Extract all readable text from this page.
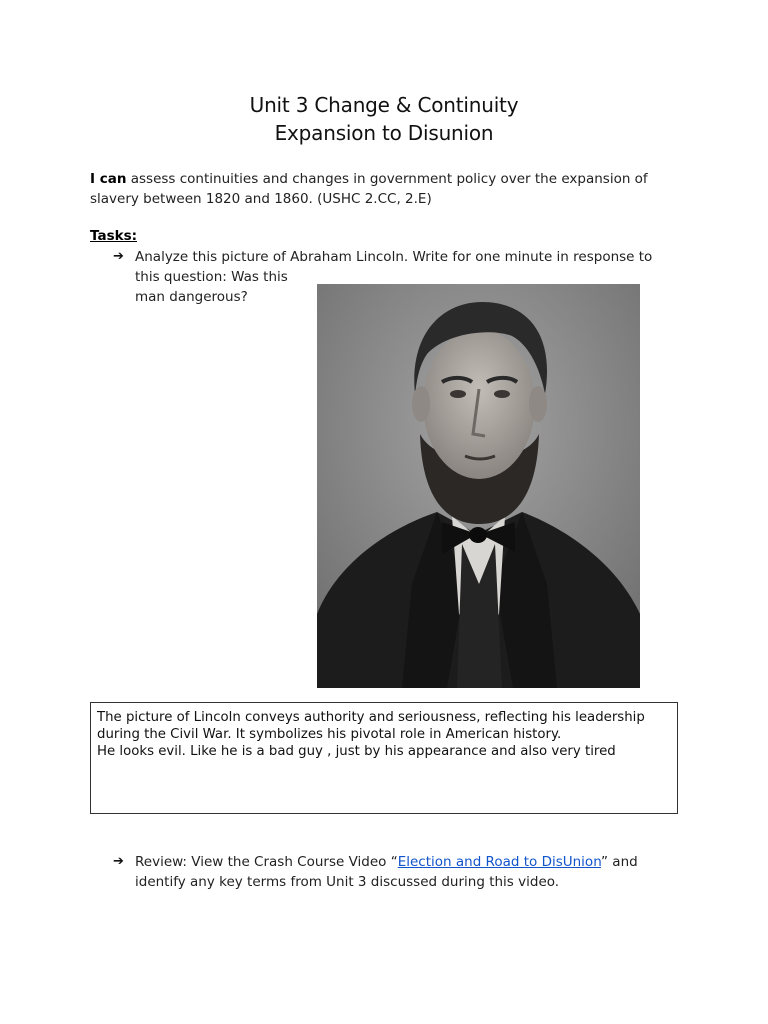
Unit 3 Change & Continuity
Expansion to Disunion
I can assess continuities and changes in government policy over the expansion of slavery between 1820 and 1860. (USHC 2.CC, 2.E)
Tasks:
➔ Analyze this picture of Abraham Lincoln. Write for one minute in response to
this question: Was this
man dangerous?
The picture of Lincoln conveys authority and seriousness, reflecting his leadership
during the Civil War. It symbolizes his pivotal role in American history.
He looks evil. Like he is a bad guy , just by his appearance and also very tired
➔ Review: View the Crash Course Video “Election and Road to DisUnion” and
identify any key terms from Unit 3 discussed during this video.
